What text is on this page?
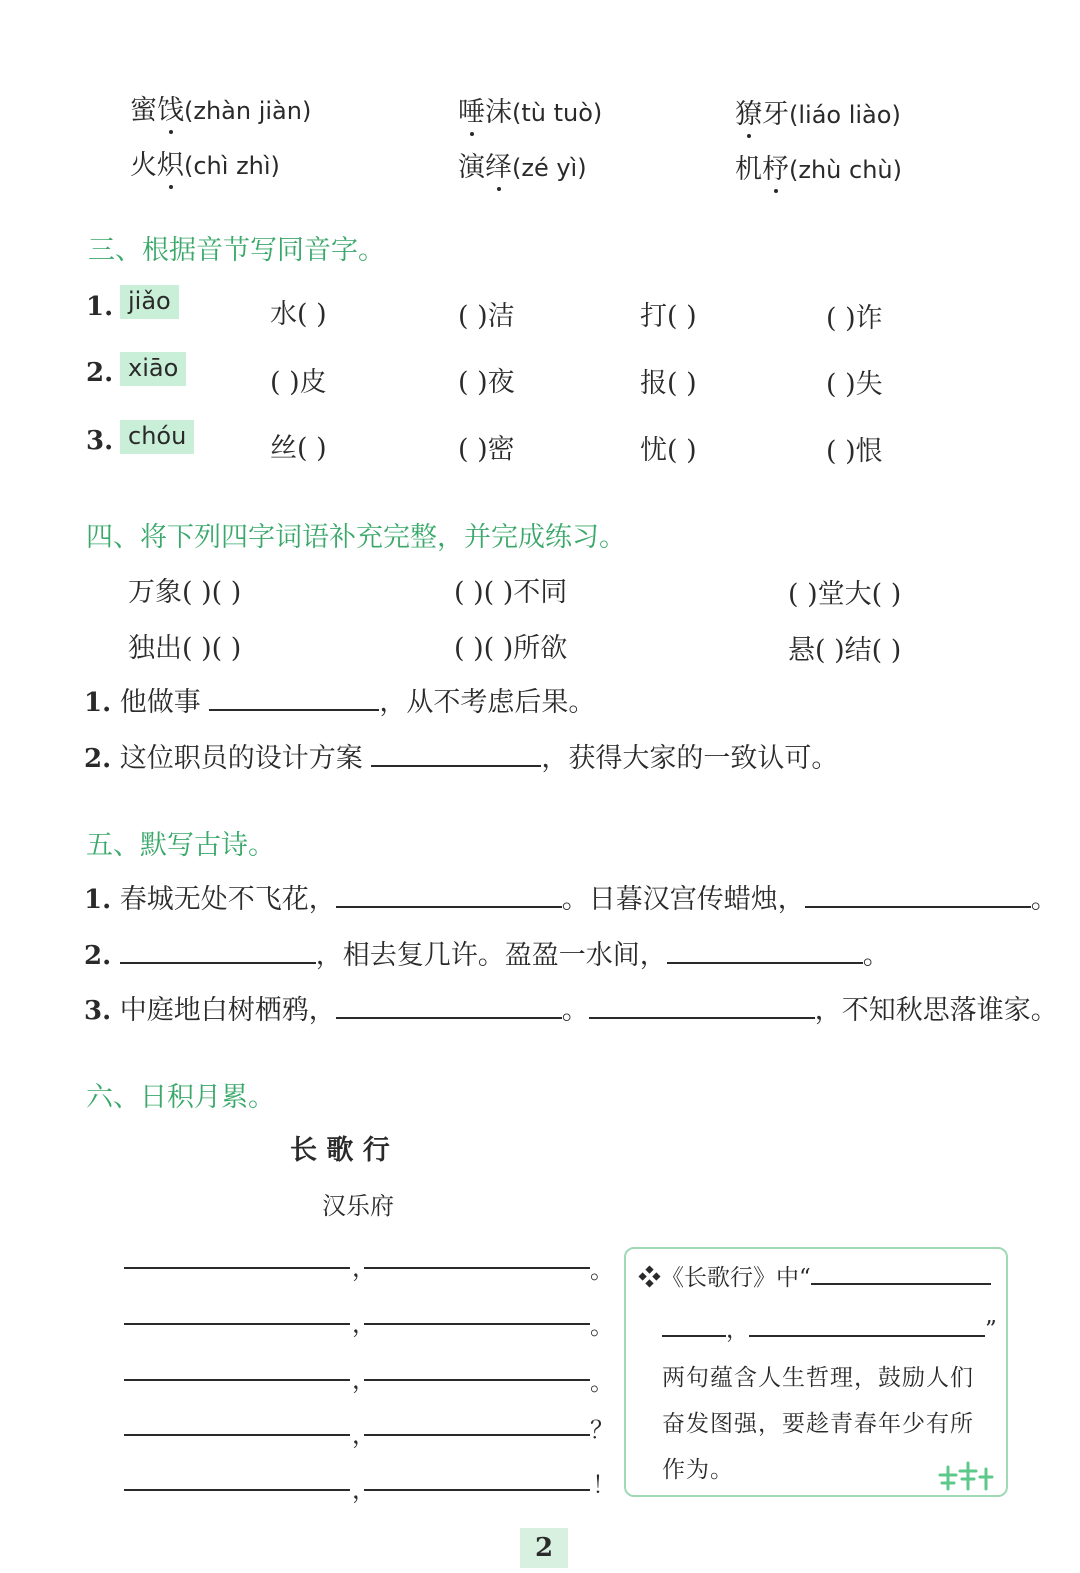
蜜饯(zhàn jiàn)	唾沫(tù tuò)	獠牙(liáo liào)
火炽(chì zhì)	演绎(zé yì)	机杼(zhù chù)
三、根据音节写同音字。
1. jiǎo	水( )	( )洁	打( )	( )诈
2. xiāo	( )皮	( )夜	报( )	( )失
3. chóu	丝( )	( )密	忧( )	( )恨
四、将下列四字词语补充完整，并完成练习。
万象( )( )	( )( )不同	( )堂大( )
独出( )( )	( )( )所欲	悬( )结( )
1. 他做事	，从不考虑后果。
2. 这位职员的设计方案	，获得大家的一致认可。
五、默写古诗。
1. 春城无处不飞花，	。日暮汉宫传蜡烛，	。
2.	，相去复几许。盈盈一水间，	。
3. 中庭地白树栖鸦，	。	，不知秋思落谁家。
六、日积月累。
长 歌 行
汉乐府
，	。
，	。
，	。
，	？
，	！
❖《长歌行》中“
，	”
两句蕴含人生哲理，鼓励人们
奋发图强，要趁青春年少有所
作为。
2
